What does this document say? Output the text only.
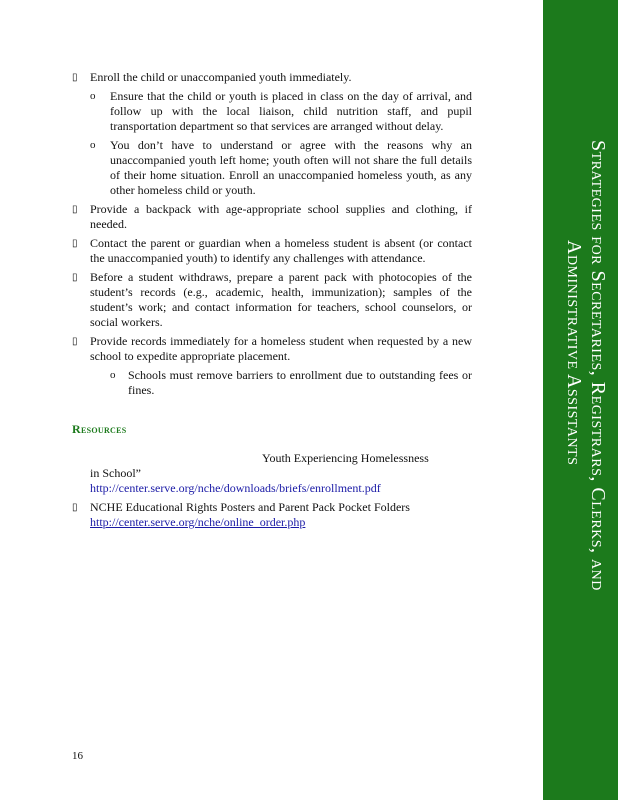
Strategies for Secretaries, Registrars, Clerks, and
Administrative Assistants
▯ Enroll the child or unaccompanied youth immediately.
o Ensure that the child or youth is placed in class on the day of arrival, and follow up with the local liaison, child nutrition staff, and pupil transportation department so that services are arranged without delay.
o You don’t have to understand or agree with the reasons why an unaccompanied youth left home; youth often will not share the full details of their home situation. Enroll an unaccompanied homeless youth, as any other homeless child or youth.
▯ Provide a backpack with age-appropriate school supplies and clothing, if needed.
▯ Contact the parent or guardian when a homeless student is absent (or contact the unaccompanied youth) to identify any challenges with attendance.
▯ Before a student withdraws, prepare a parent pack with photocopies of the student’s records (e.g., academic, health, immunization); samples of the student’s work; and contact information for teachers, school counselors, or social workers.
▯ Provide records immediately for a homeless student when requested by a new school to expedite appropriate placement.
o Schools must remove barriers to enrollment due to outstanding fees or fines.
Resources
Youth Experiencing Homelessness
in School”
http://center.serve.org/nche/downloads/briefs/enrollment.pdf
▯ NCHE Educational Rights Posters and Parent Pack Pocket Folders
http://center.serve.org/nche/online_order.php
16
